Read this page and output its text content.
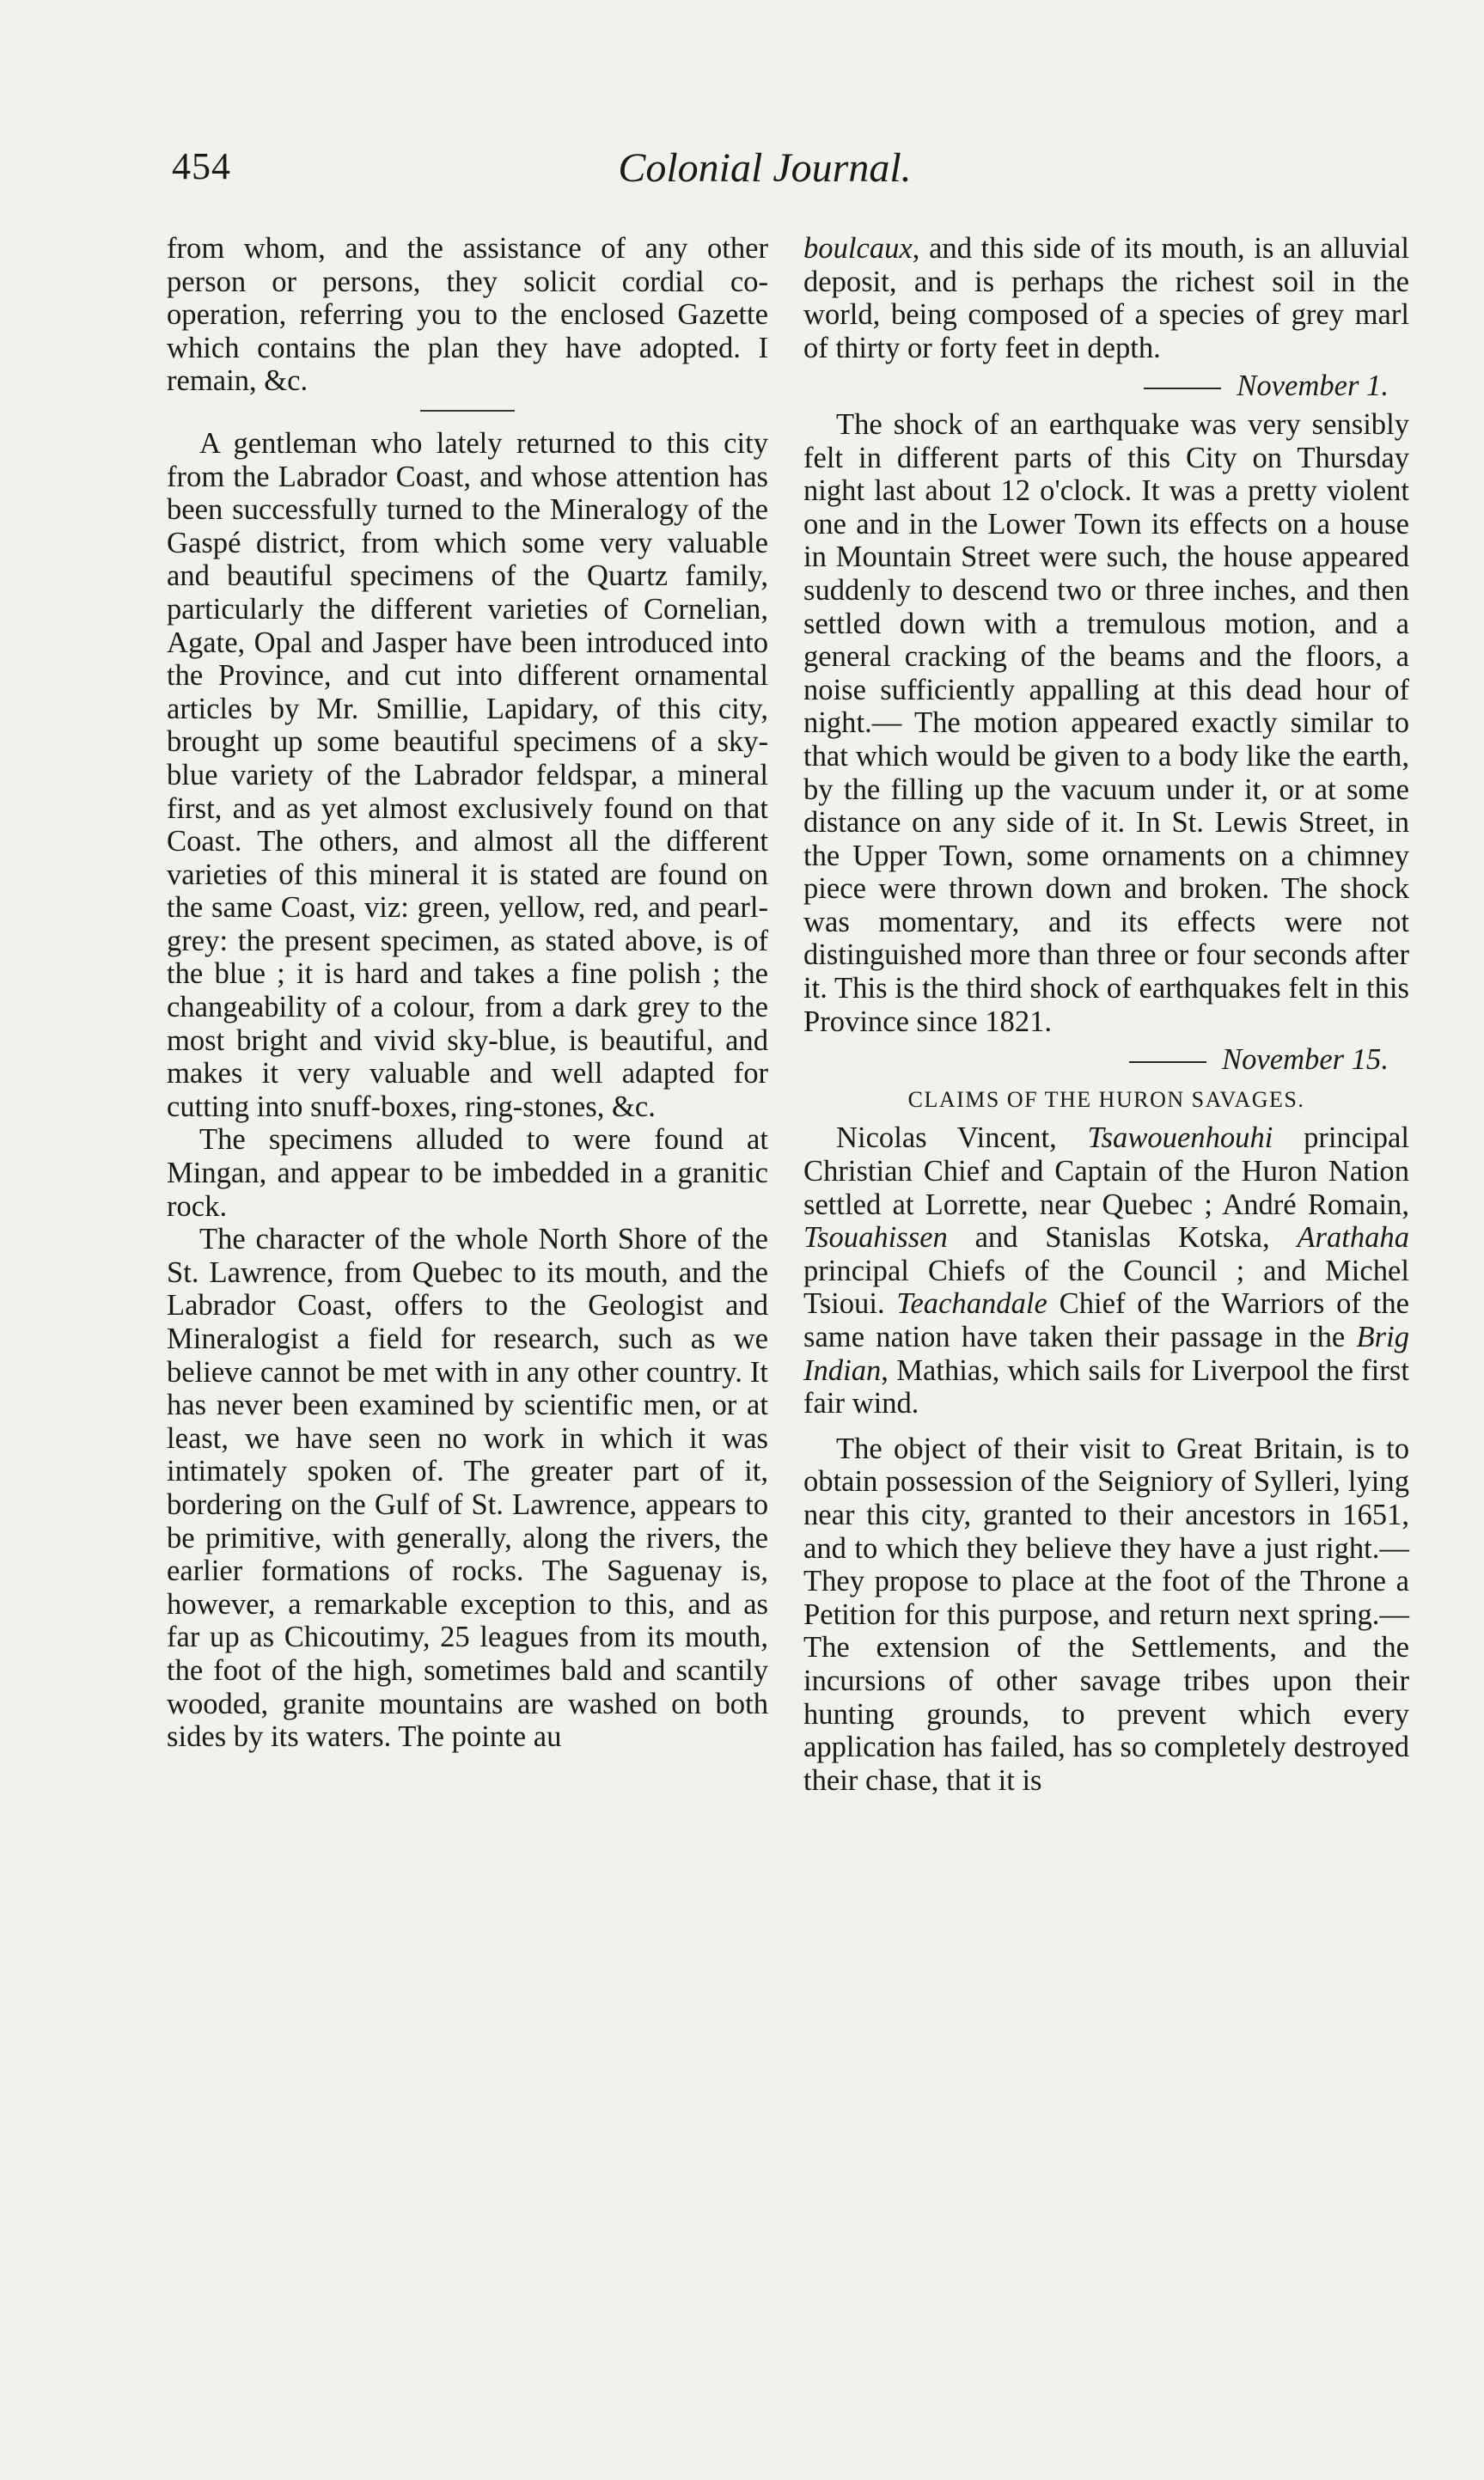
454	Colonial Journal.

from whom, and the assistance of any other person or persons, they solicit cordial co-operation, referring you to the enclosed Gazette which contains the plan they have adopted. I remain, &c.

A gentleman who lately returned to this city from the Labrador Coast, and whose attention has been successfully turned to the Mineralogy of the Gaspé district, from which some very valuable and beautiful specimens of the Quartz family, particularly the different varieties of Cornelian, Agate, Opal and Jasper have been introduced into the Province, and cut into different ornamental articles by Mr. Smillie, Lapidary, of this city, brought up some beautiful specimens of a sky-blue variety of the Labrador feldspar, a mineral first, and as yet almost exclusively found on that Coast. The others, and almost all the different varieties of this mineral it is stated are found on the same Coast, viz: green, yellow, red, and pearl-grey: the present specimen, as stated above, is of the blue ; it is hard and takes a fine polish ; the changeability of a colour, from a dark grey to the most bright and vivid sky-blue, is beautiful, and makes it very valuable and well adapted for cutting into snuff-boxes, ring-stones, &c.

The specimens alluded to were found at Mingan, and appear to be imbedded in a granitic rock.

The character of the whole North Shore of the St. Lawrence, from Quebec to its mouth, and the Labrador Coast, offers to the Geologist and Mineralogist a field for research, such as we believe cannot be met with in any other country. It has never been examined by scientific men, or at least, we have seen no work in which it was intimately spoken of. The greater part of it, bordering on the Gulf of St. Lawrence, appears to be primitive, with generally, along the rivers, the earlier formations of rocks. The Saguenay is, however, a remarkable exception to this, and as far up as Chicoutimy, 25 leagues from its mouth, the foot of the high, sometimes bald and scantily wooded, granite mountains are washed on both sides by its waters. The pointe au

boulcaux, and this side of its mouth, is an alluvial deposit, and is perhaps the richest soil in the world, being composed of a species of grey marl of thirty or forty feet in depth.

November 1.

The shock of an earthquake was very sensibly felt in different parts of this City on Thursday night last about 12 o'clock. It was a pretty violent one and in the Lower Town its effects on a house in Mountain Street were such, the house appeared suddenly to descend two or three inches, and then settled down with a tremulous motion, and a general cracking of the beams and the floors, a noise sufficiently appalling at this dead hour of night.— The motion appeared exactly similar to that which would be given to a body like the earth, by the filling up the vacuum under it, or at some distance on any side of it. In St. Lewis Street, in the Upper Town, some ornaments on a chimney piece were thrown down and broken. The shock was momentary, and its effects were not distinguished more than three or four seconds after it. This is the third shock of earthquakes felt in this Province since 1821.

November 15.
CLAIMS OF THE HURON SAVAGES.

Nicolas Vincent, Tsawouenhouhi principal Christian Chief and Captain of the Huron Nation settled at Lorrette, near Quebec ; André Romain, Tsouahissen and Stanislas Kotska, Arathaha principal Chiefs of the Council ; and Michel Tsioui. Teachandale Chief of the Warriors of the same nation have taken their passage in the Brig Indian, Mathias, which sails for Liverpool the first fair wind.

The object of their visit to Great Britain, is to obtain possession of the Seigniory of Sylleri, lying near this city, granted to their ancestors in 1651, and to which they believe they have a just right.—They propose to place at the foot of the Throne a Petition for this purpose, and return next spring.—The extension of the Settlements, and the incursions of other savage tribes upon their hunting grounds, to prevent which every application has failed, has so completely destroyed their chase, that it is
